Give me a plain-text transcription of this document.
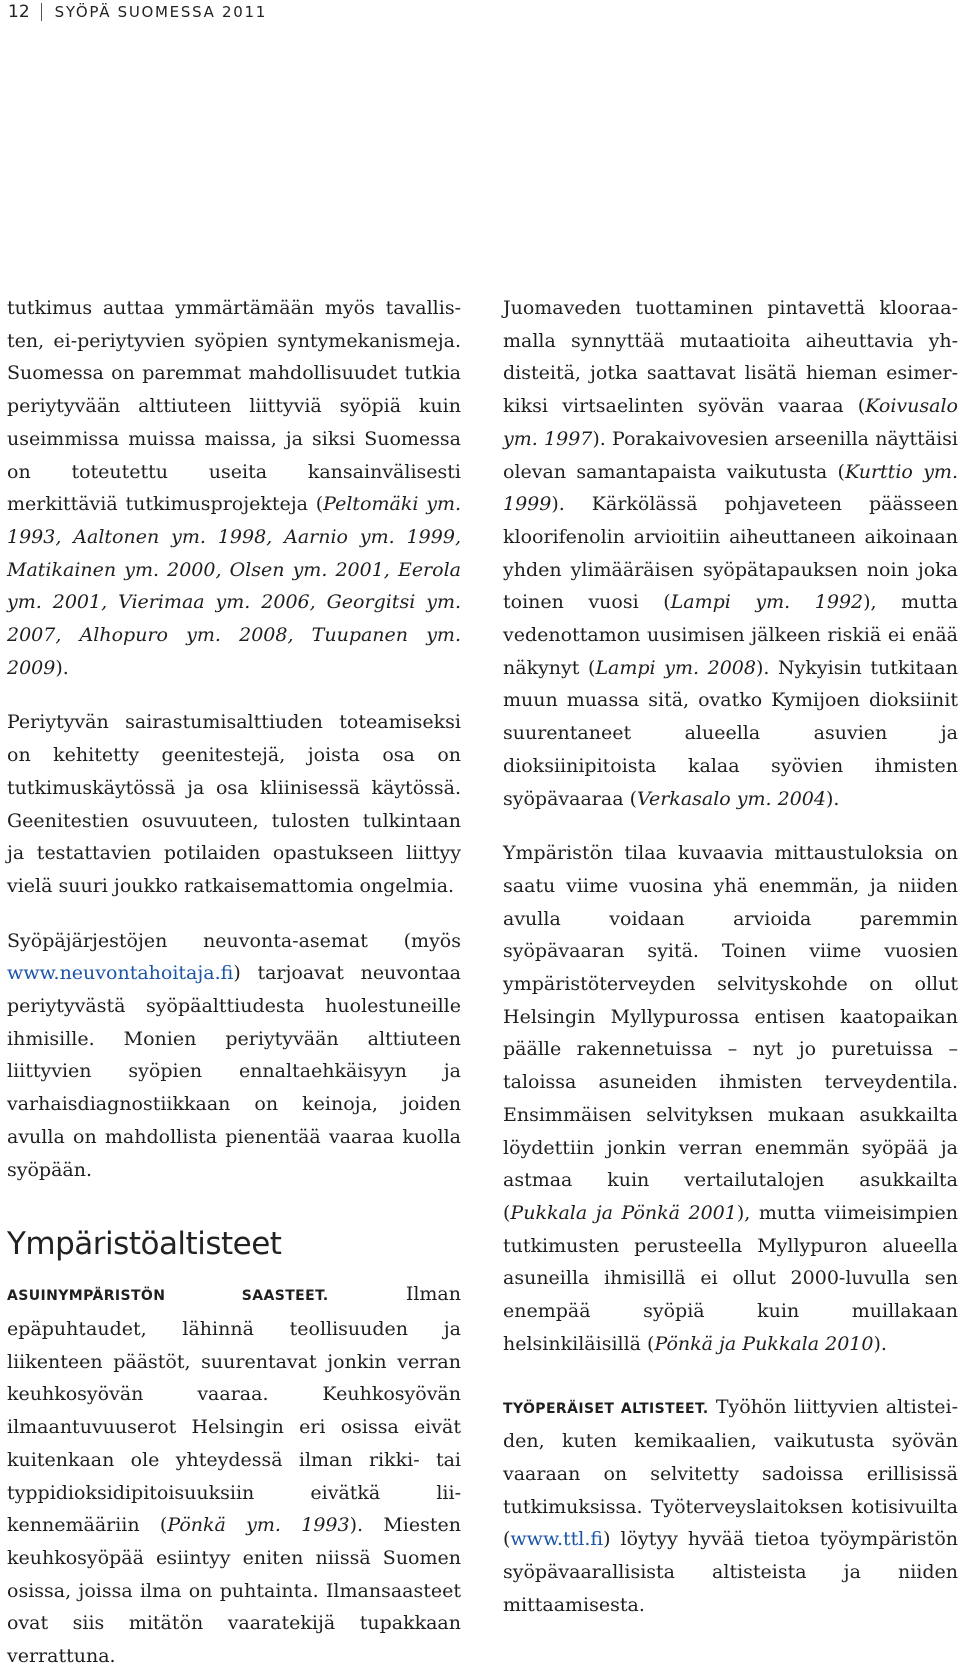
12 SYÖPÄ SUOMESSA 2011

tutkimus auttaa ymmärtämään myös tavallisten, ei-periytyvien syöpien syntymekanismeja. Suomessa on paremmat mahdollisuudet tutkia periytyvään alttiuteen liittyviä syöpiä kuin useimmissa muissa maissa, ja siksi Suomessa on toteutettu useita kansainvälisesti merkittäviä tutkimusprojekteja (Peltomäki ym. 1993, Aaltonen ym. 1998, Aarnio ym. 1999, Matikainen ym. 2000, Olsen ym. 2001, Eerola ym. 2001, Vierimaa ym. 2006, Georgitsi ym. 2007, Alhopuro ym. 2008, Tuupanen ym. 2009).

Periytyvän sairastumisalttiuden toteamiseksi on kehitetty geenitestejä, joista osa on tutkimuskäytössä ja osa kliinisessä käytössä. Geenitestien osuvuuteen, tulosten tulkintaan ja testattavien potilaiden opastukseen liittyy vielä suuri joukko ratkaisemattomia ongelmia.

Syöpäjärjestöjen neuvonta-asemat (myös www.neuvontahoitaja.fi) tarjoavat neuvontaa periytyvästä syöpäalttiudesta huolestuneille ihmisille. Monien periytyvään alttiuteen liittyvien syöpien ennaltaehkäisyyn ja varhaisdiagnostiikkaan on keinoja, joiden avulla on mahdollista pienentää vaaraa kuolla syöpään.

Ympäristöaltisteet

ASUINYMPÄRISTÖN SAASTEET. Ilman epäpuhtaudet, lähinnä teollisuuden ja liikenteen päästöt, suurentavat jonkin verran keuhkosyövän vaaraa. Keuhkosyövän ilmaantuvuuserot Helsingin eri osissa eivät kuitenkaan ole yhteydessä ilman rikki- tai typpidioksidipitoisuuksiin eivätkä liikennemääriin (Pönkä ym. 1993). Miesten keuhkosyöpää esiintyy eniten niissä Suomen osissa, joissa ilma on puhtainta. Ilmansaasteet ovat siis mitätön vaaratekijä tupakkaan verrattuna.

Juomaveden tuottaminen pintavettä klooraamalla synnyttää mutaatioita aiheuttavia yhdisteitä, jotka saattavat lisätä hieman esimerkiksi virtsaelinten syövän vaaraa (Koivusalo ym. 1997). Porakaivovesien arseenilla näyttäisi olevan samantapaista vaikutusta (Kurttio ym. 1999). Kärkölässä pohjaveteen päässeen kloorifenolin arvioitiin aiheuttaneen aikoinaan yhden ylimääräisen syöpätapauksen noin joka toinen vuosi (Lampi ym. 1992), mutta vedenottamon uusimisen jälkeen riskiä ei enää näkynyt (Lampi ym. 2008). Nykyisin tutkitaan muun muassa sitä, ovatko Kymijoen dioksiinit suurentaneet alueella asuvien ja dioksiinipitoista kalaa syövien ihmisten syöpävaaraa (Verkasalo ym. 2004).

Ympäristön tilaa kuvaavia mittaustuloksia on saatu viime vuosina yhä enemmän, ja niiden avulla voidaan arvioida paremmin syöpävaaran syitä. Toinen viime vuosien ympäristöterveyden selvityskohde on ollut Helsingin Myllypurossa entisen kaatopaikan päälle rakennetuissa – nyt jo puretuissa – taloissa asuneiden ihmisten terveydentila. Ensimmäisen selvityksen mukaan asukkailta löydettiin jonkin verran enemmän syöpää ja astmaa kuin vertailutalojen asukkailta (Pukkala ja Pönkä 2001), mutta viimeisimpien tutkimusten perusteella Myllypuron alueella asuneilla ihmisillä ei ollut 2000-luvulla sen enempää syöpiä kuin muillakaan helsinkiläisillä (Pönkä ja Pukkala 2010).

TYÖPERÄISET ALTISTEET. Työhön liittyvien altisteiden, kuten kemikaalien, vaikutusta syövän vaaraan on selvitetty sadoissa erillisissä tutkimuksissa. Työterveyslaitoksen kotisivuilta (www.ttl.fi) löytyy hyvää tietoa työympäristön syöpävaarallisista altisteista ja niiden mittaamisesta.
